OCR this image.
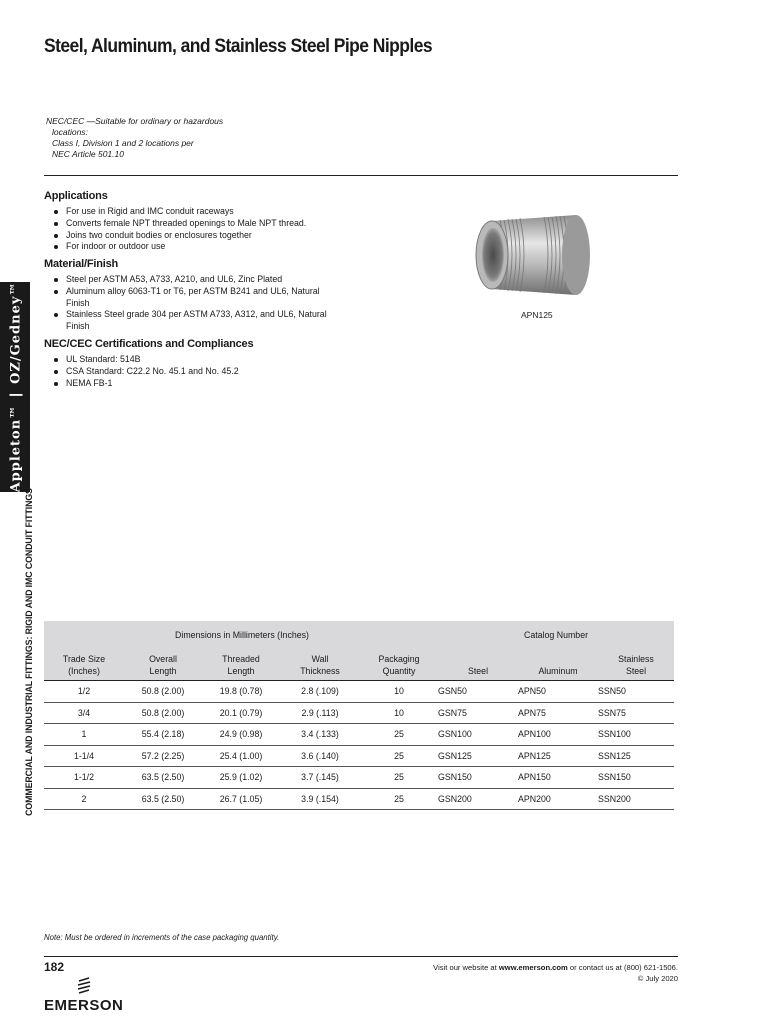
Steel, Aluminum, and Stainless Steel Pipe Nipples
NEC/CEC —Suitable for ordinary or hazardous

locations:
Class I, Division 1 and 2 locations per
NEC Article 501.10
Applications
For use in Rigid and IMC conduit raceways
Converts female NPT threaded openings to Male NPT thread.
Joins two conduit bodies or enclosures together
For indoor or outdoor use
Material/Finish
Steel per ASTM A53, A733, A210, and UL6, Zinc Plated
Aluminum alloy 6063-T1 or T6, per ASTM B241 and UL6, Natural Finish
Stainless Steel grade 304 per ASTM A733, A312, and UL6, Natural Finish
NEC/CEC Certifications and Compliances
UL Standard: 514B
CSA Standard: C22.2 No. 45.1 and No. 45.2
NEMA FB-1
Appleton™|OZ/Gedney™
COMMERCIAL AND INDUSTRIAL FITTINGS: RIGID AND IMC CONDUIT FITTINGS
APN125
	Dimensions in Millimeters (Inches)				Catalog Number		
Trade Size
(Inches)	Overall
Length	Threaded
Length	Wall
Thickness	Packaging
Quantity	Steel	Aluminum	Stainless
Steel
1/2	50.8 (2.00)	19.8 (0.78)	2.8 (.109)	10	GSN50	APN50	SSN50
3/4	50.8 (2.00)	20.1 (0.79)	2.9 (.113)	10	GSN75	APN75	SSN75
1	55.4 (2.18)	24.9 (0.98)	3.4 (.133)	25	GSN100	APN100	SSN100
1-1/4	57.2 (2.25)	25.4 (1.00)	3.6 (.140)	25	GSN125	APN125	SSN125
1-1/2	63.5 (2.50)	25.9 (1.02)	3.7 (.145)	25	GSN150	APN150	SSN150
2	63.5 (2.50)	26.7 (1.05)	3.9 (.154)	25	GSN200	APN200	SSN200
Note: Must be ordered in increments of the case packaging quantity.
182	Visit our website at www.emerson.com or contact us at (800) 621-1506.
© July 2020
EMERSON
